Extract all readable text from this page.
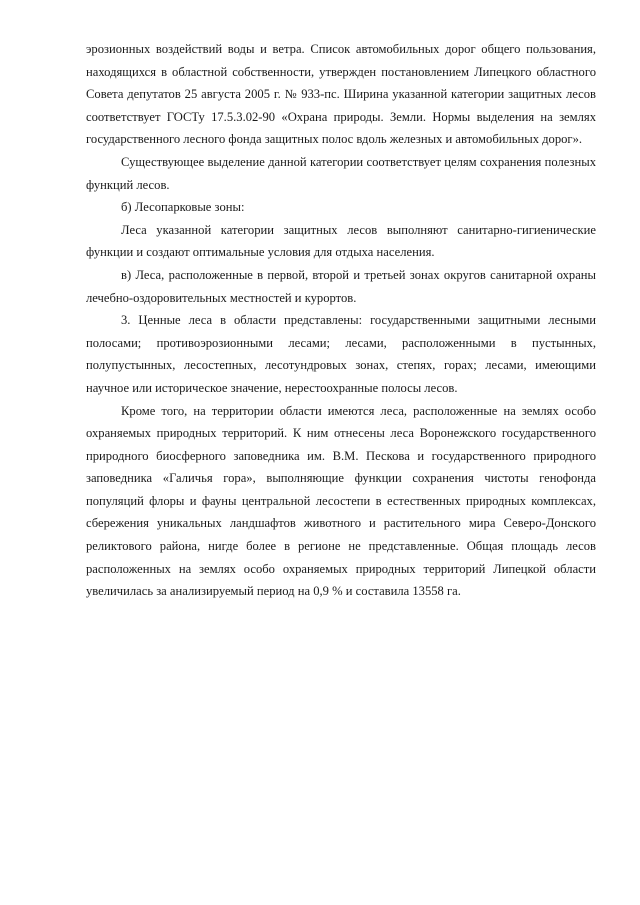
эрозионных воздействий воды и ветра. Список автомобильных дорог общего пользования, находящихся в областной собственности, утвержден постановлением Липецкого областного Совета депутатов 25 августа 2005 г. № 933-пс. Ширина указанной категории защитных лесов соответствует ГОСТу 17.5.3.02-90 «Охрана природы. Земли. Нормы выделения на землях государственного лесного фонда защитных полос вдоль железных и автомобильных дорог».

Существующее выделение данной категории соответствует целям сохранения полезных функций лесов.

б) Лесопарковые зоны:

Леса указанной категории защитных лесов выполняют санитарно-гигиенические функции и создают оптимальные условия для отдыха населения.

в) Леса, расположенные в первой, второй и третьей зонах округов санитарной охраны лечебно-оздоровительных местностей и курортов.

3. Ценные леса в области представлены: государственными защитными лесными полосами; противоэрозионными лесами; лесами, расположенными в пустынных, полупустынных, лесостепных, лесотундровых зонах, степях, горах; лесами, имеющими научное или историческое значение, нерестоохранные полосы лесов.

Кроме того, на территории области имеются леса, расположенные на землях особо охраняемых природных территорий. К ним отнесены леса Воронежского государственного природного биосферного заповедника им. В.М. Пескова и государственного природного заповедника «Галичья гора», выполняющие функции сохранения чистоты генофонда популяций флоры и фауны центральной лесостепи в естественных природных комплексах, сбережения уникальных ландшафтов животного и растительного мира Северо-Донского реликтового района, нигде более в регионе не представленные. Общая площадь лесов расположенных на землях особо охраняемых природных территорий Липецкой области увеличилась за анализируемый период на 0,9 % и составила 13558 га.
